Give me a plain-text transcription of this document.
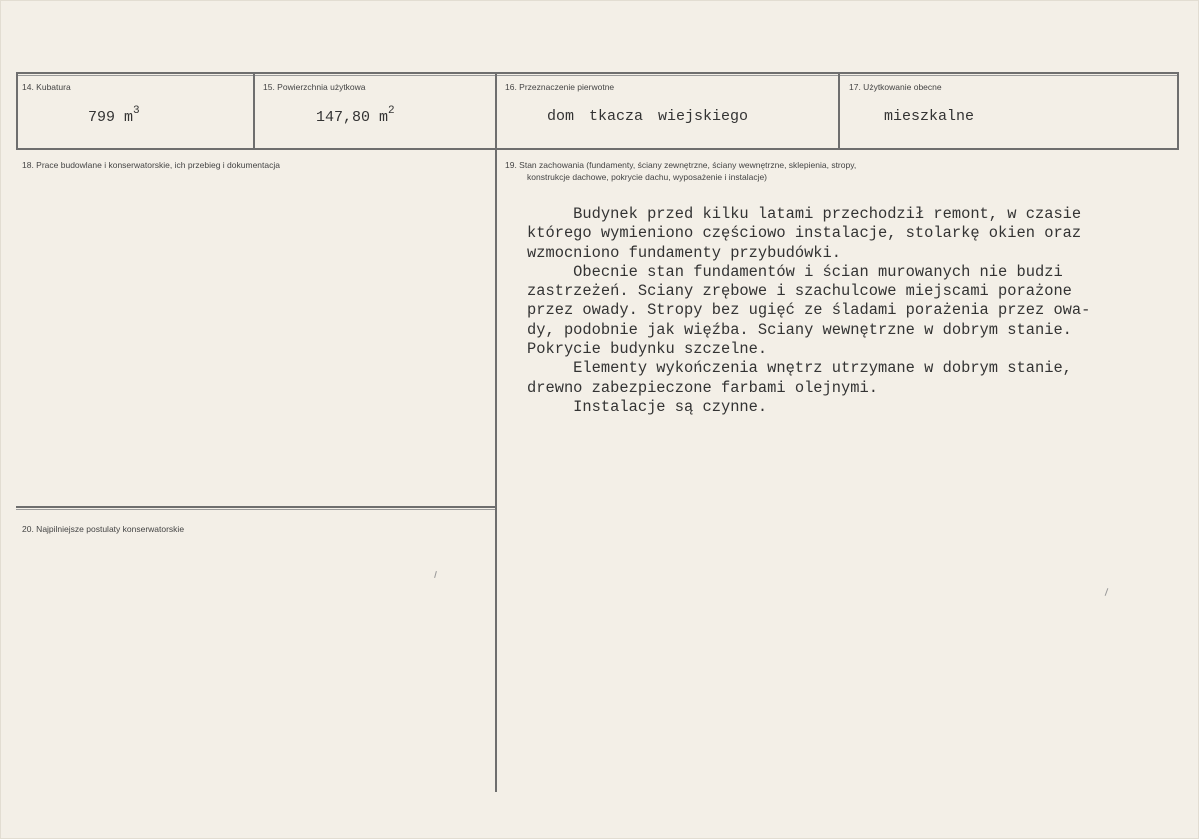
14. Kubatura
799 $m^3$
15. Powierzchnia użytkowa
147,80 $m^2$
16. Przeznaczenie pierwotne
dom tkacza wiejskiego
17. Użytkowanie obecne
mieszkalne
18. Prace budowlane i konserwatorskie, ich przebieg i dokumentacja	19. Stan zachowania (fundamenty, ściany zewnętrzne, ściany wewnętrzne, sklepienia, stropy,
konstrukcje dachowe, pokrycie dachu, wyposażenie i instalacje)

Budynek przed kilku latami przechodził remont, w czasie

którego wymieniono częściowo instalacje, stolarkę okien oraz

wzmocniono fundamenty przybudówki.

Obecnie stan fundamentów i ścian murowanych nie budzi

zastrzeżeń. Sciany zrębowe i szachulcowe miejscami porażone

przez owady. Stropy bez ugięć ze śladami porażenia przez owa-

dy, podobnie jak więźba. Sciany wewnętrzne w dobrym stanie.

Pokrycie budynku szczelne.

Elementy wykończenia wnętrz utrzymane w dobrym stanie,

drewno zabezpieczone farbami olejnymi.

Instalacje są czynne.

20. Najpilniejsze postulaty konserwatorskie
